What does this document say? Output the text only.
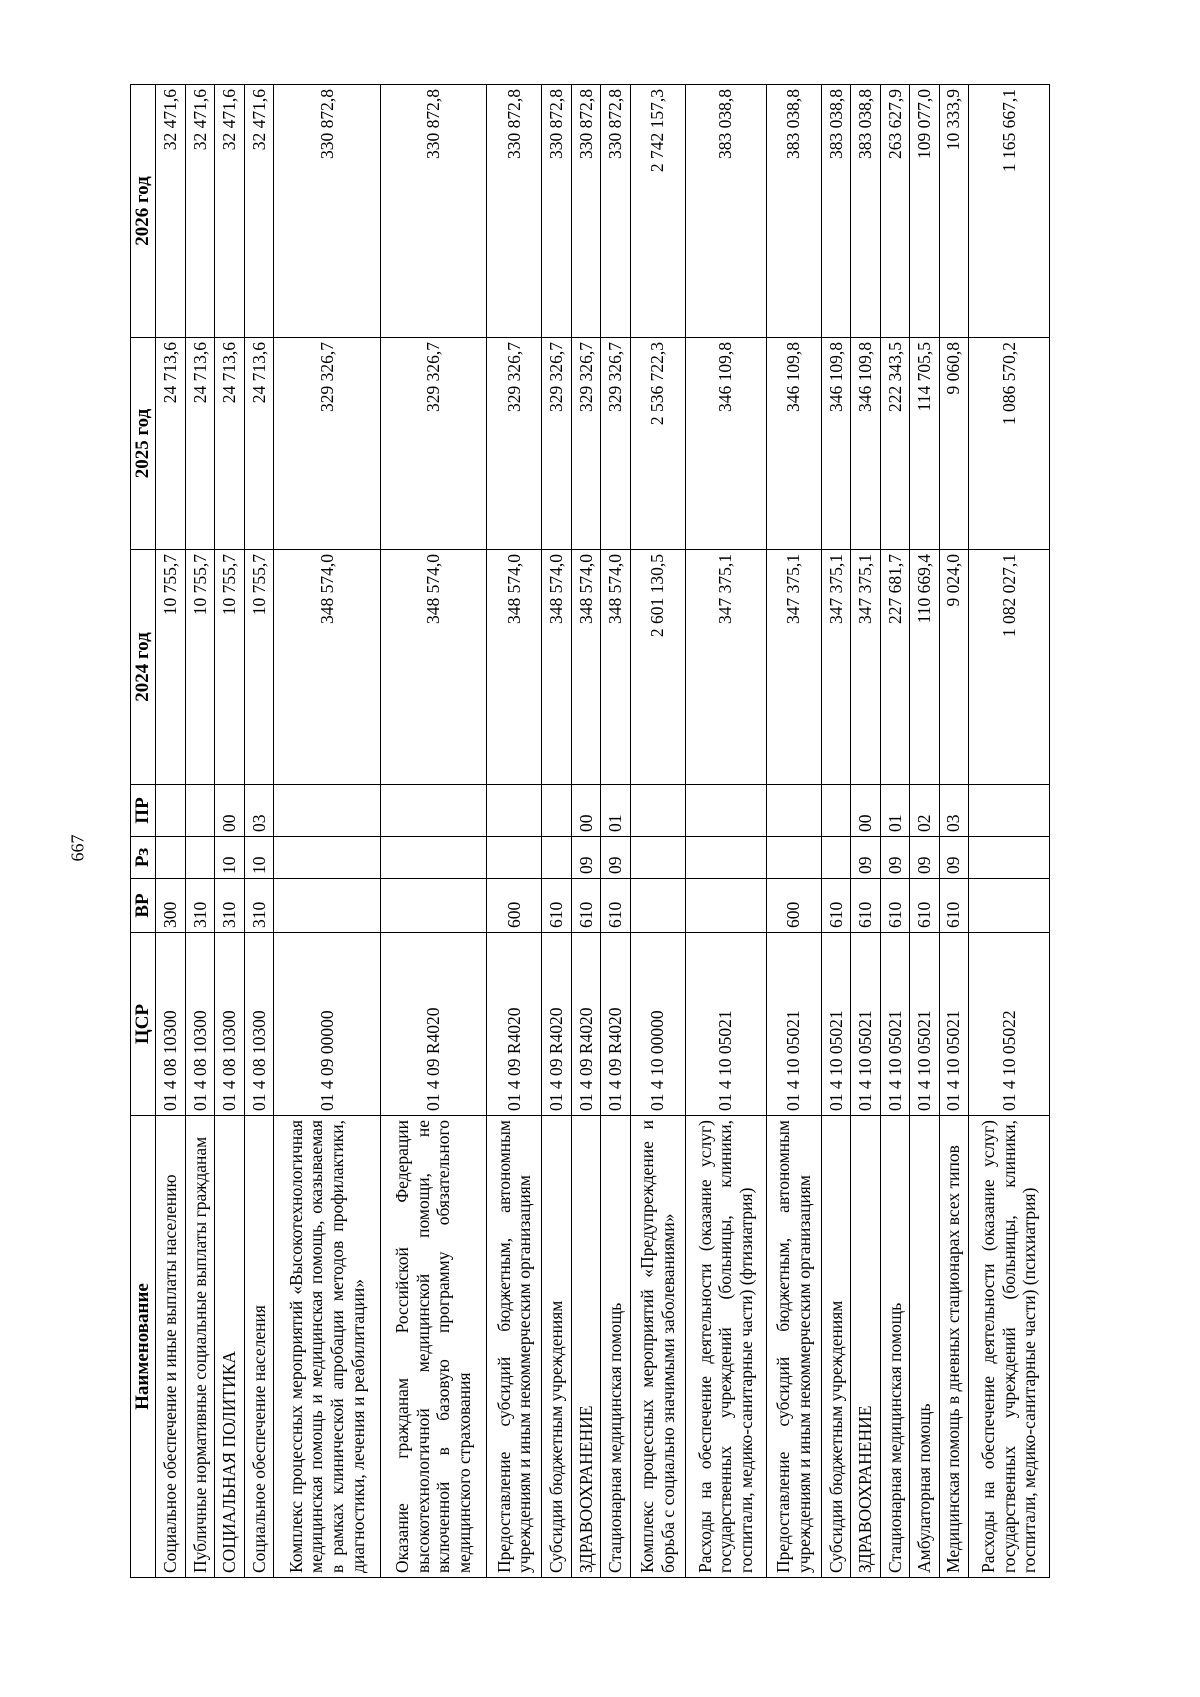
667
Наименование	ЦСР	ВР	Рз	ПР	2024 год	2025 год	2026 год
Социальное обеспечение и иные выплаты населению	01 4 08 10300	300			10 755,7	24 713,6	32 471,6
Публичные нормативные социальные выплаты гражданам	01 4 08 10300	310			10 755,7	24 713,6	32 471,6
СОЦИАЛЬНАЯ ПОЛИТИКА	01 4 08 10300	310	10	00	10 755,7	24 713,6	32 471,6
Социальное обеспечение населения	01 4 08 10300	310	10	03	10 755,7	24 713,6	32 471,6
Комплекс процессных мероприятий «Высокотехнологичная медицинская помощь и медицинская помощь, оказываемая в рамках клинической апробации методов профилактики, диагностики, лечения и реабилитации»	01 4 09 00000				348 574,0	329 326,7	330 872,8
Оказание гражданам Российской Федерации высокотехнологичной медицинской помощи, не включенной в базовую программу обязательного медицинского страхования	01 4 09 R4020				348 574,0	329 326,7	330 872,8
Предоставление субсидий бюджетным, автономным учреждениям и иным некоммерческим организациям	01 4 09 R4020	600			348 574,0	329 326,7	330 872,8
Субсидии бюджетным учреждениям	01 4 09 R4020	610			348 574,0	329 326,7	330 872,8
ЗДРАВООХРАНЕНИЕ	01 4 09 R4020	610	09	00	348 574,0	329 326,7	330 872,8
Стационарная медицинская помощь	01 4 09 R4020	610	09	01	348 574,0	329 326,7	330 872,8
Комплекс процессных мероприятий «Предупреждение и борьба с социально значимыми заболеваниями»	01 4 10 00000				2 601 130,5	2 536 722,3	2 742 157,3
Расходы на обеспечение деятельности (оказание услуг) государственных учреждений (больницы, клиники, госпитали, медико-санитарные части) (фтизиатрия)	01 4 10 05021				347 375,1	346 109,8	383 038,8
Предоставление субсидий бюджетным, автономным учреждениям и иным некоммерческим организациям	01 4 10 05021	600			347 375,1	346 109,8	383 038,8
Субсидии бюджетным учреждениям	01 4 10 05021	610			347 375,1	346 109,8	383 038,8
ЗДРАВООХРАНЕНИЕ	01 4 10 05021	610	09	00	347 375,1	346 109,8	383 038,8
Стационарная медицинская помощь	01 4 10 05021	610	09	01	227 681,7	222 343,5	263 627,9
Амбулаторная помощь	01 4 10 05021	610	09	02	110 669,4	114 705,5	109 077,0
Медицинская помощь в дневных стационарах всех типов	01 4 10 05021	610	09	03	9 024,0	9 060,8	10 333,9
Расходы на обеспечение деятельности (оказание услуг) государственных учреждений (больницы, клиники, госпитали, медико-санитарные части) (психиатрия)	01 4 10 05022				1 082 027,1	1 086 570,2	1 165 667,1
